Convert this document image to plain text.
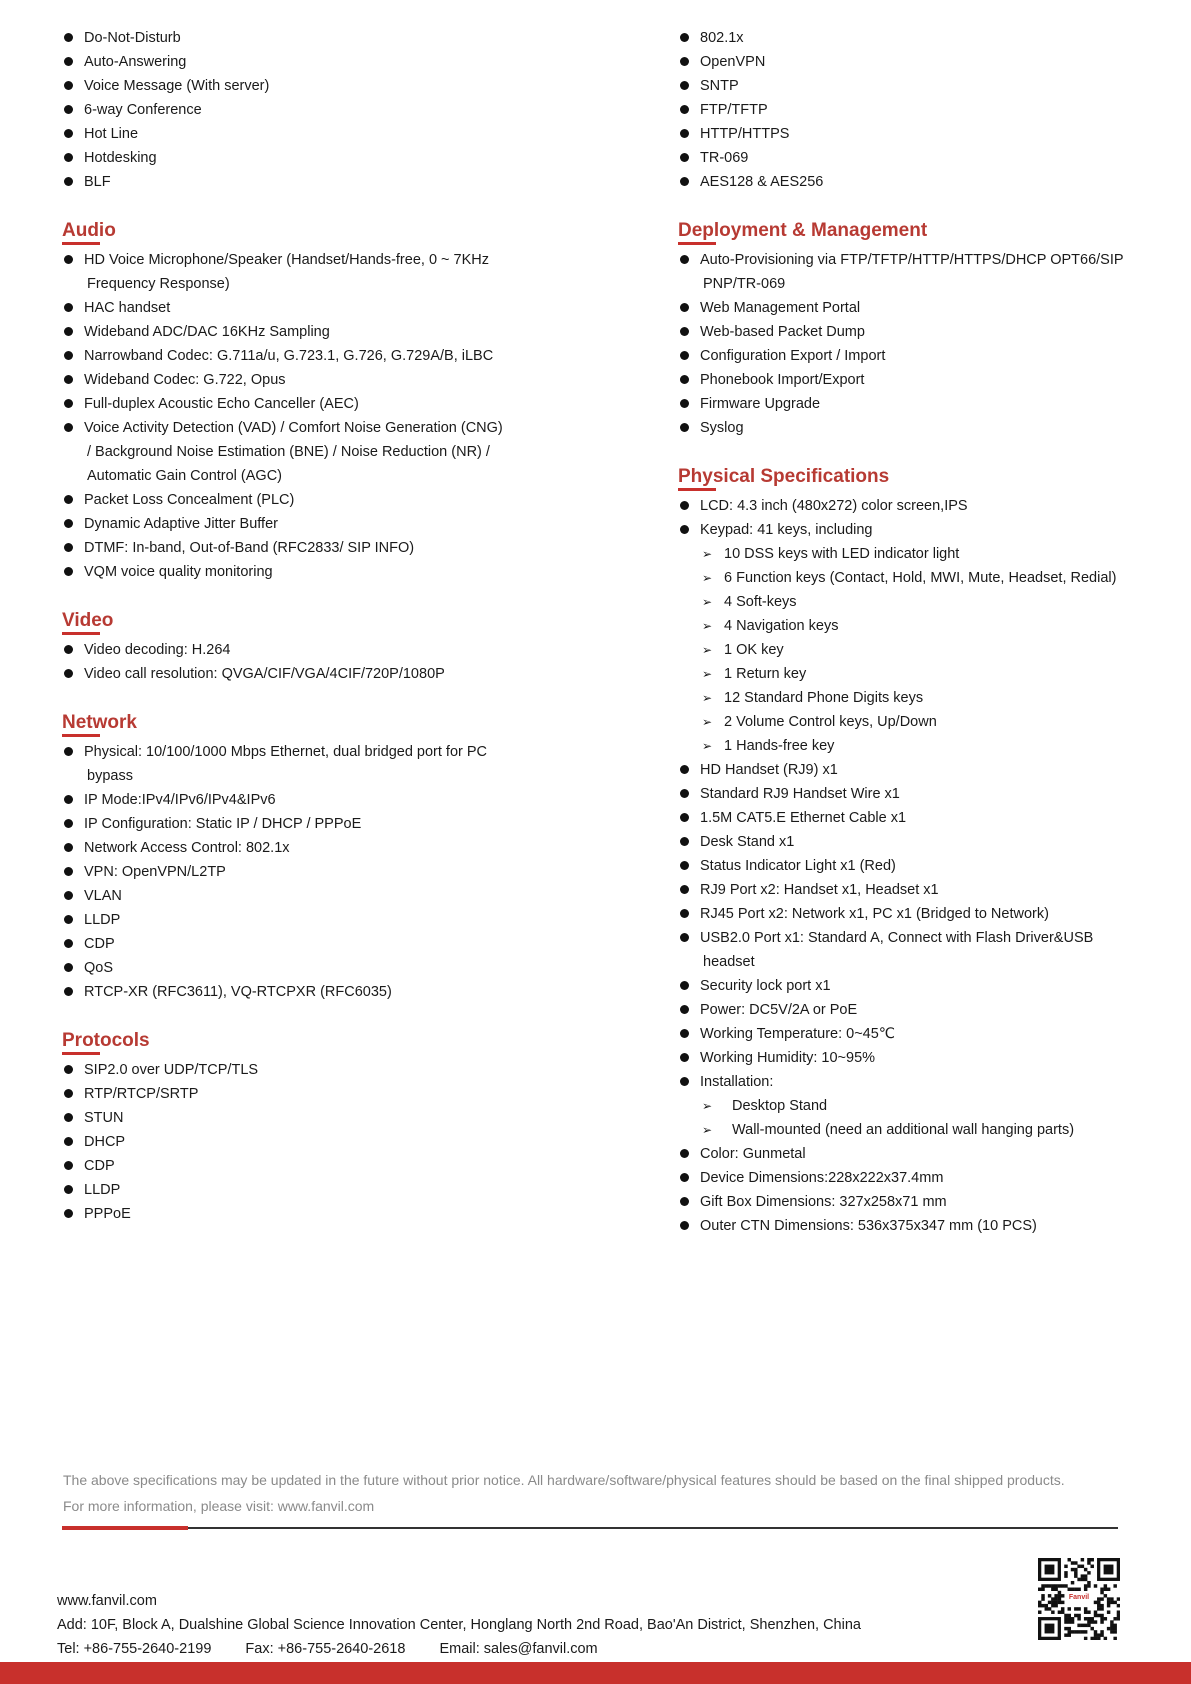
Do-Not-Disturb
Auto-Answering
Voice Message (With server)
6-way Conference
Hot Line
Hotdesking
BLF
Audio
HD Voice Microphone/Speaker (Handset/Hands-free, 0 ~ 7KHz
Frequency Response)
HAC handset
Wideband ADC/DAC 16KHz Sampling
Narrowband Codec: G.711a/u, G.723.1, G.726, G.729A/B, iLBC
Wideband Codec: G.722, Opus
Full-duplex Acoustic Echo Canceller (AEC)
Voice Activity Detection (VAD) / Comfort Noise Generation (CNG)
/ Background Noise Estimation (BNE) / Noise Reduction (NR) /
Automatic Gain Control (AGC)
Packet Loss Concealment (PLC)
Dynamic Adaptive Jitter Buffer
DTMF: In-band, Out-of-Band (RFC2833/ SIP INFO)
VQM voice quality monitoring
Video
Video decoding: H.264
Video call resolution: QVGA/CIF/VGA/4CIF/720P/1080P
Network
Physical: 10/100/1000 Mbps Ethernet, dual bridged port for PC
bypass
IP Mode:IPv4/IPv6/IPv4&IPv6
IP Configuration: Static IP / DHCP / PPPoE
Network Access Control: 802.1x
VPN: OpenVPN/L2TP
VLAN
LLDP
CDP
QoS
RTCP-XR (RFC3611), VQ-RTCPXR (RFC6035)
Protocols
SIP2.0 over UDP/TCP/TLS
RTP/RTCP/SRTP
STUN
DHCP
CDP
LLDP
PPPoE
802.1x
OpenVPN
SNTP
FTP/TFTP
HTTP/HTTPS
TR-069
AES128 & AES256
Deployment & Management
Auto-Provisioning via FTP/TFTP/HTTP/HTTPS/DHCP OPT66/SIP
PNP/TR-069
Web Management Portal
Web-based Packet Dump
Configuration Export / Import
Phonebook Import/Export
Firmware Upgrade
Syslog
Physical Specifications
LCD: 4.3 inch (480x272) color screen,IPS
Keypad: 41 keys, including
➢ 10 DSS keys with LED indicator light
➢ 6 Function keys (Contact, Hold, MWI, Mute, Headset, Redial)
➢ 4 Soft-keys
➢ 4 Navigation keys
➢ 1 OK key
➢ 1 Return key
➢ 12 Standard Phone Digits keys
➢ 2 Volume Control keys, Up/Down
➢ 1 Hands-free key
HD Handset (RJ9) x1
Standard RJ9 Handset Wire x1
1.5M CAT5.E Ethernet Cable x1
Desk Stand x1
Status Indicator Light x1 (Red)
RJ9 Port x2: Handset x1, Headset x1
RJ45 Port x2: Network x1, PC x1 (Bridged to Network)
USB2.0 Port x1: Standard A, Connect with Flash Driver&USB
headset
Security lock port x1
Power: DC5V/2A or PoE
Working Temperature: 0~45℃
Working Humidity: 10~95%
Installation:
➢ Desktop Stand
➢ Wall-mounted (need an additional wall hanging parts)
Color: Gunmetal
Device Dimensions:228x222x37.4mm
Gift Box Dimensions: 327x258x71 mm
Outer CTN Dimensions: 536x375x347 mm (10 PCS)
The above specifications may be updated in the future without prior notice. All hardware/software/physical features should be based on the final shipped products.
For more information, please visit: www.fanvil.com
www.fanvil.com
Add: 10F, Block A, Dualshine Global Science Innovation Center, Honglang North 2nd Road, Bao'An District, Shenzhen, China
Tel: +86-755-2640-2199 Fax: +86-755-2640-2618 Email: sales@fanvil.com
Fanvil
